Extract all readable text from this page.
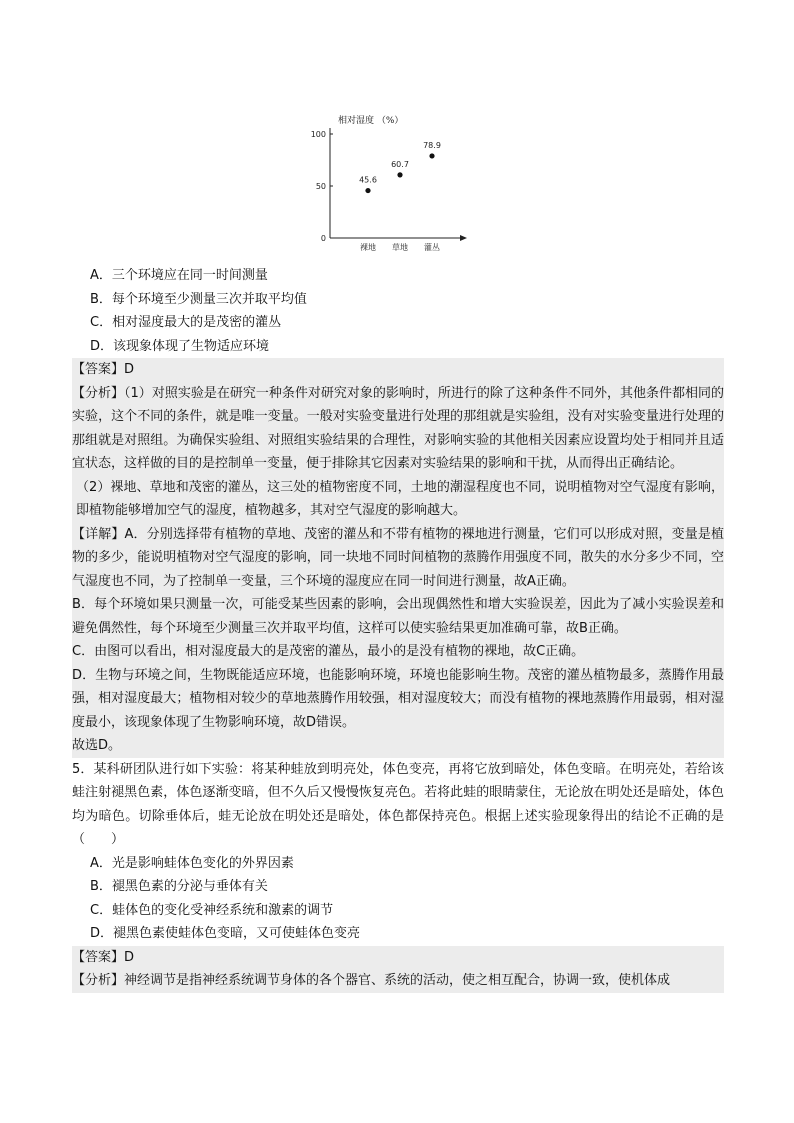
相对湿度 （%）
100
50
0
裸地 草地 灌丛
45.6
60.7
78.9
A．三个环境应在同一时间测量
B．每个环境至少测量三次并取平均值
C．相对湿度最大的是茂密的灌丛
D．该现象体现了生物适应环境
【答案】D
【分析】（1）对照实验是在研究一种条件对研究对象的影响时，所进行的除了这种条件不同外，其他条件都相同的实验，这个不同的条件，就是唯一变量。一般对实验变量进行处理的那组就是实验组，没有对实验变量进行处理的那组就是对照组。为确保实验组、对照组实验结果的合理性，对影响实验的其他相关因素应设置均处于相同并且适宜状态，这样做的目的是控制单一变量，便于排除其它因素对实验结果的影响和干扰，从而得出正确结论。
（2）裸地、草地和茂密的灌丛，这三处的植物密度不同，土地的潮湿程度也不同，说明植物对空气湿度有影响，即植物能够增加空气的湿度，植物越多，其对空气湿度的影响越大。
【详解】A．分别选择带有植物的草地、茂密的灌丛和不带有植物的裸地进行测量，它们可以形成对照，变量是植物的多少，能说明植物对空气湿度的影响，同一块地不同时间植物的蒸腾作用强度不同，散失的水分多少不同，空气湿度也不同，为了控制单一变量，三个环境的湿度应在同一时间进行测量，故A正确。
B．每个环境如果只测量一次，可能受某些因素的影响，会出现偶然性和增大实验误差，因此为了减小实验误差和避免偶然性，每个环境至少测量三次并取平均值，这样可以使实验结果更加准确可靠，故B正确。
C．由图可以看出，相对湿度最大的是茂密的灌丛，最小的是没有植物的裸地，故C正确。
D．生物与环境之间，生物既能适应环境，也能影响环境，环境也能影响生物。茂密的灌丛植物最多，蒸腾作用最强，相对湿度最大；植物相对较少的草地蒸腾作用较强，相对湿度较大；而没有植物的裸地蒸腾作用最弱，相对湿度最小，该现象体现了生物影响环境，故D错误。
故选D。
5．某科研团队进行如下实验：将某种蛙放到明亮处，体色变亮，再将它放到暗处，体色变暗。在明亮处，若给该蛙注射褪黑色素，体色逐渐变暗，但不久后又慢慢恢复亮色。若将此蛙的眼睛蒙住，无论放在明处还是暗处，体色均为暗色。切除垂体后，蛙无论放在明处还是暗处，体色都保持亮色。根据上述实验现象得出的结论不正确的是（　　）
A．光是影响蛙体色变化的外界因素
B．褪黑色素的分泌与垂体有关
C．蛙体色的变化受神经系统和激素的调节
D．褪黑色素使蛙体色变暗，又可使蛙体色变亮
【答案】D
【分析】神经调节是指神经系统调节身体的各个器官、系统的活动，使之相互配合，协调一致，使机体成
